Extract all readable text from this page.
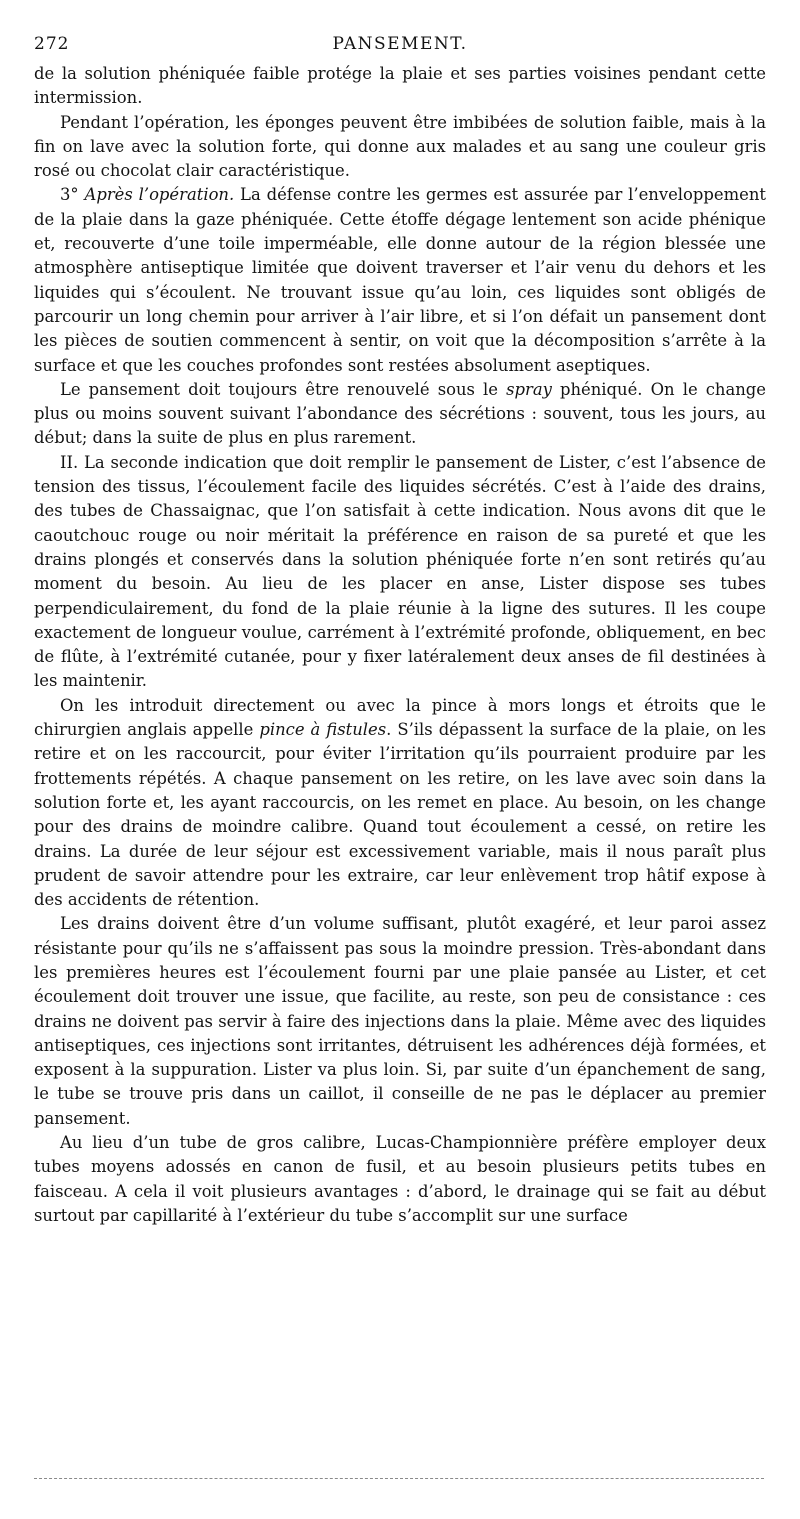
272	PANSEMENT.

de la solution phéniquée faible protége la plaie et ses parties voisines pendant cette intermission.

Pendant l’opération, les éponges peuvent être imbibées de solution faible, mais à la fin on lave avec la solution forte, qui donne aux malades et au sang une couleur gris rosé ou chocolat clair caractéristique.

3° Après l’opération. La défense contre les germes est assurée par l’enveloppement de la plaie dans la gaze phéniquée. Cette étoffe dégage lentement son acide phénique et, recouverte d’une toile imperméable, elle donne autour de la région blessée une atmosphère antiseptique limitée que doivent traverser et l’air venu du dehors et les liquides qui s’écoulent. Ne trouvant issue qu’au loin, ces liquides sont obligés de parcourir un long chemin pour arriver à l’air libre, et si l’on défait un pansement dont les pièces de soutien commencent à sentir, on voit que la décomposition s’arrête à la surface et que les couches profondes sont restées absolument aseptiques.

Le pansement doit toujours être renouvelé sous le spray phéniqué. On le change plus ou moins souvent suivant l’abondance des sécrétions : souvent, tous les jours, au début; dans la suite de plus en plus rarement.

II. La seconde indication que doit remplir le pansement de Lister, c’est l’absence de tension des tissus, l’écoulement facile des liquides sécrétés. C’est à l’aide des drains, des tubes de Chassaignac, que l’on satisfait à cette indication. Nous avons dit que le caoutchouc rouge ou noir méritait la préférence en raison de sa pureté et que les drains plongés et conservés dans la solution phéniquée forte n’en sont retirés qu’au moment du besoin. Au lieu de les placer en anse, Lister dispose ses tubes perpendiculairement, du fond de la plaie réunie à la ligne des sutures. Il les coupe exactement de longueur voulue, carrément à l’extrémité profonde, obliquement, en bec de flûte, à l’extrémité cutanée, pour y fixer latéralement deux anses de fil destinées à les maintenir.

On les introduit directement ou avec la pince à mors longs et étroits que le chirurgien anglais appelle pince à fistules. S’ils dépassent la surface de la plaie, on les retire et on les raccourcit, pour éviter l’irritation qu’ils pourraient produire par les frottements répétés. A chaque pansement on les retire, on les lave avec soin dans la solution forte et, les ayant raccourcis, on les remet en place. Au besoin, on les change pour des drains de moindre calibre. Quand tout écoulement a cessé, on retire les drains. La durée de leur séjour est excessivement variable, mais il nous paraît plus prudent de savoir attendre pour les extraire, car leur enlèvement trop hâtif expose à des accidents de rétention.

Les drains doivent être d’un volume suffisant, plutôt exagéré, et leur paroi assez résistante pour qu’ils ne s’affaissent pas sous la moindre pression. Très-abondant dans les premières heures est l’écoulement fourni par une plaie pansée au Lister, et cet écoulement doit trouver une issue, que facilite, au reste, son peu de consistance : ces drains ne doivent pas servir à faire des injections dans la plaie. Même avec des liquides antiseptiques, ces injections sont irritantes, détruisent les adhérences déjà formées, et exposent à la suppuration. Lister va plus loin. Si, par suite d’un épanchement de sang, le tube se trouve pris dans un caillot, il conseille de ne pas le déplacer au premier pansement.

Au lieu d’un tube de gros calibre, Lucas-Championnière préfère employer deux tubes moyens adossés en canon de fusil, et au besoin plusieurs petits tubes en faisceau. A cela il voit plusieurs avantages : d’abord, le drainage qui se fait au début surtout par capillarité à l’extérieur du tube s’accomplit sur une surface
